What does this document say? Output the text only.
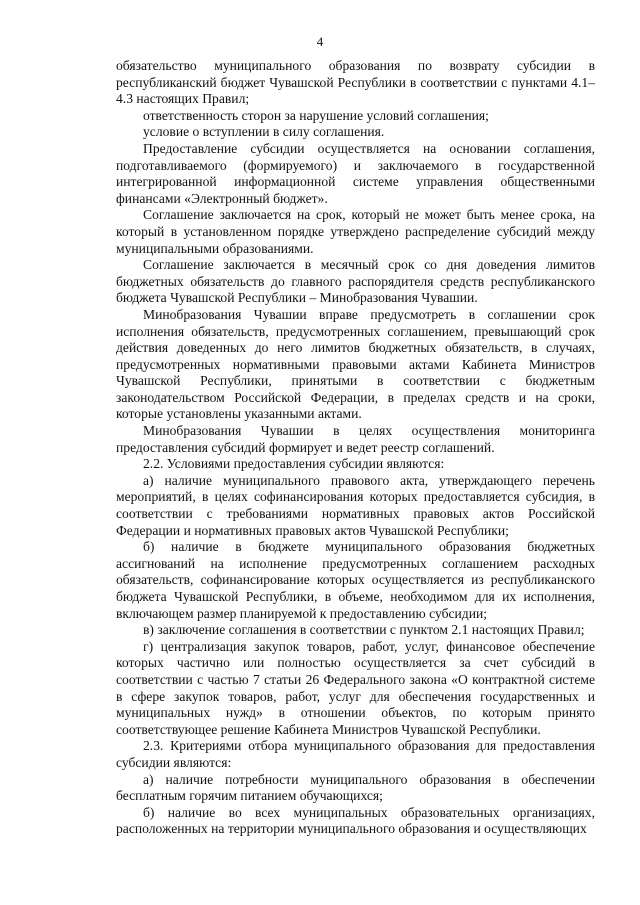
4

обязательство муниципального образования по возврату субсидии в республиканский бюджет Чувашской Республики в соответствии с пунктами 4.1–4.3 настоящих Правил;

ответственность сторон за нарушение условий соглашения;

условие о вступлении в силу соглашения.

Предоставление субсидии осуществляется на основании соглашения, подготавливаемого (формируемого) и заключаемого в государственной интегрированной информационной системе управления общественными финансами «Электронный бюджет».

Соглашение заключается на срок, который не может быть менее срока, на который в установленном порядке утверждено распределение субсидий между муниципальными образованиями.

Соглашение заключается в месячный срок со дня доведения лимитов бюджетных обязательств до главного распорядителя средств республиканского бюджета Чувашской Республики – Минобразования Чувашии.

Минобразования Чувашии вправе предусмотреть в соглашении срок исполнения обязательств, предусмотренных соглашением, превышающий срок действия доведенных до него лимитов бюджетных обязательств, в случаях, предусмотренных нормативными правовыми актами Кабинета Министров Чувашской Республики, принятыми в соответствии с бюджетным законодательством Российской Федерации, в пределах средств и на сроки, которые установлены указанными актами.

Минобразования Чувашии в целях осуществления мониторинга предоставления субсидий формирует и ведет реестр соглашений.

2.2. Условиями предоставления субсидии являются:

а) наличие муниципального правового акта, утверждающего перечень мероприятий, в целях софинансирования которых предоставляется субсидия, в соответствии с требованиями нормативных правовых актов Российской Федерации и нормативных правовых актов Чувашской Республики;

б) наличие в бюджете муниципального образования бюджетных ассигнований на исполнение предусмотренных соглашением расходных обязательств, софинансирование которых осуществляется из республиканского бюджета Чувашской Республики, в объеме, необходимом для их исполнения, включающем размер планируемой к предоставлению субсидии;

в) заключение соглашения в соответствии с пунктом 2.1 настоящих Правил;

г) централизация закупок товаров, работ, услуг, финансовое обеспечение которых частично или полностью осуществляется за счет субсидий в соответствии с частью 7 статьи 26 Федерального закона «О контрактной системе в сфере закупок товаров, работ, услуг для обеспечения государственных и муниципальных нужд» в отношении объектов, по которым принято соответствующее решение Кабинета Министров Чувашской Республики.

2.3. Критериями отбора муниципального образования для предоставления субсидии являются:

а) наличие потребности муниципального образования в обеспечении бесплатным горячим питанием обучающихся;

б) наличие во всех муниципальных образовательных организациях, расположенных на территории муниципального образования и осуществляющих
